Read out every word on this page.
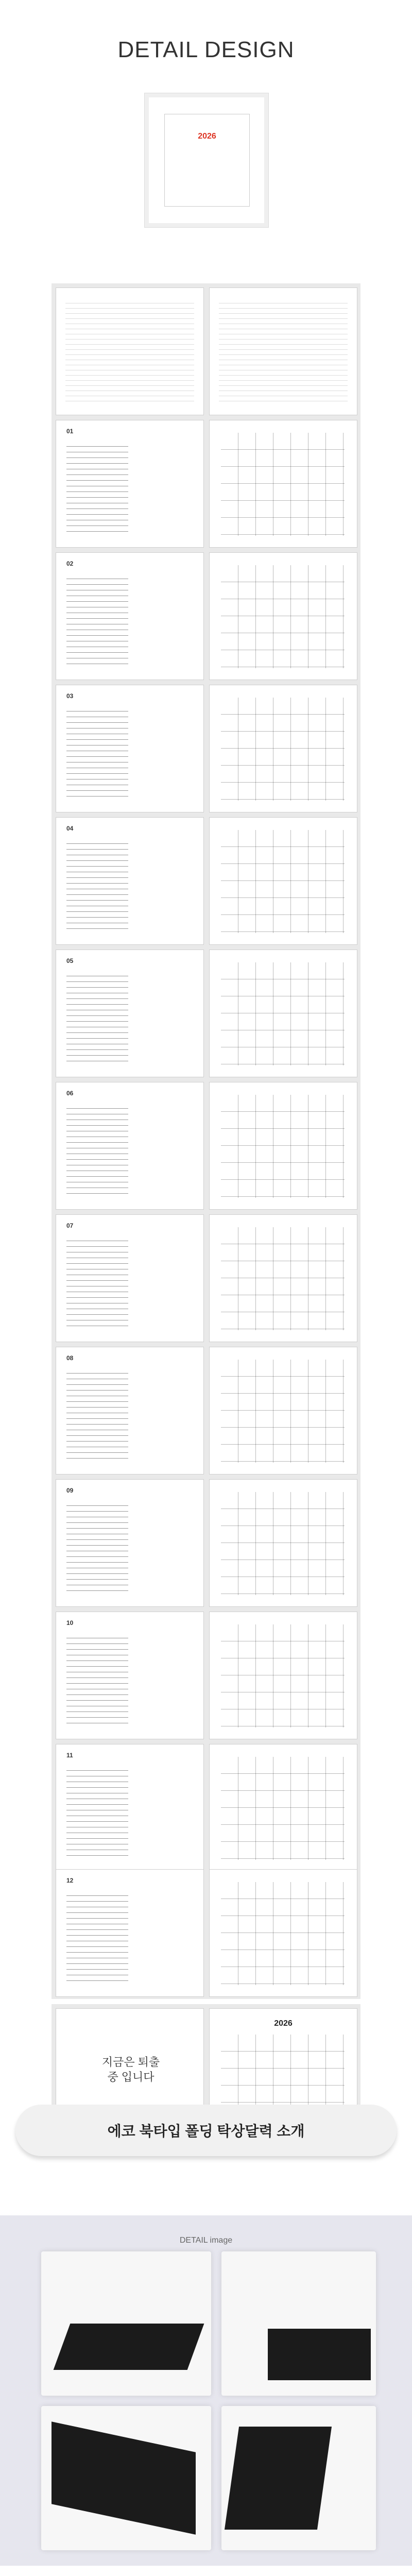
DETAIL DESIGN
2026
01
02
03
04
05
06
07
08
09
10
11
12
지금은 퇴출중 입니다
2026
에코 북타입 폴딩 탁상달력 소개
DETAIL image
